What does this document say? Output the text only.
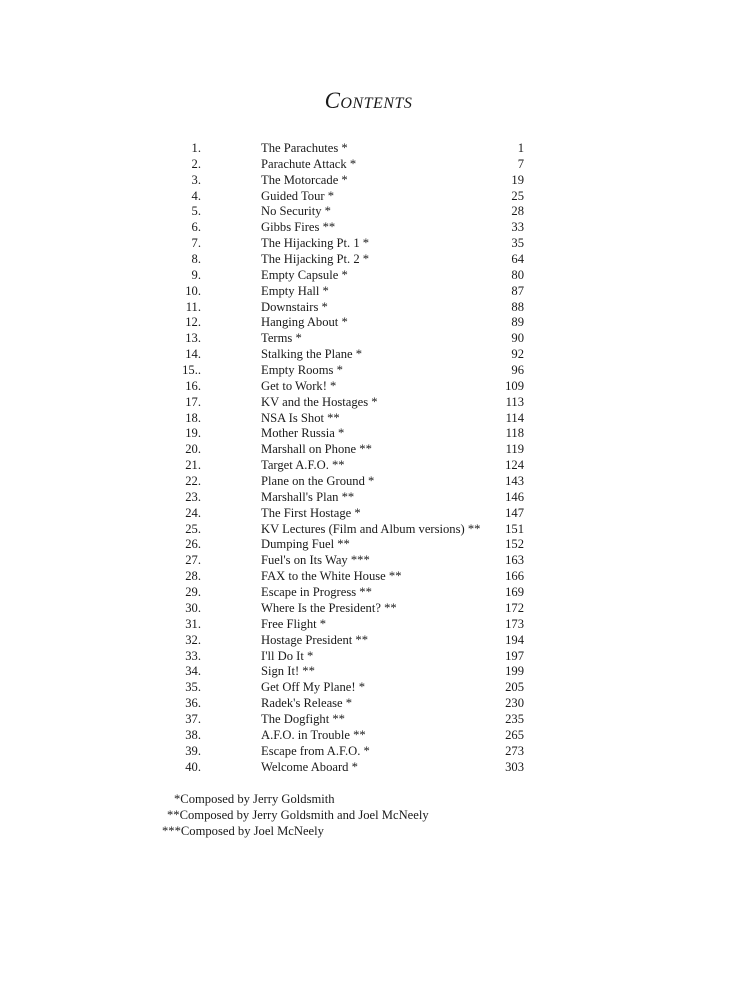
Contents
1.	The Parachutes *	1
2.	Parachute Attack *	7
3.	The Motorcade *	19
4.	Guided Tour *	25
5.	No Security *	28
6.	Gibbs Fires **	33
7.	The Hijacking Pt. 1 *	35
8.	The Hijacking Pt. 2 *	64
9.	Empty Capsule *	80
10.	Empty Hall *	87
11.	Downstairs *	88
12.	Hanging About *	89
13.	Terms *	90
14.	Stalking the Plane *	92
15..	Empty Rooms *	96
16.	Get to Work! *	109
17.	KV and the Hostages *	113
18.	NSA Is Shot **	114
19.	Mother Russia *	118
20.	Marshall on Phone **	119
21.	Target A.F.O. **	124
22.	Plane on the Ground *	143
23.	Marshall's Plan **	146
24.	The First Hostage *	147
25.	KV Lectures (Film and Album versions) **	151
26.	Dumping Fuel **	152
27.	Fuel's on Its Way ***	163
28.	FAX to the White House **	166
29.	Escape in Progress **	169
30.	Where Is the President? **	172
31.	Free Flight *	173
32.	Hostage President **	194
33.	I'll Do It *	197
34.	Sign It! **	199
35.	Get Off My Plane! *	205
36.	Radek's Release *	230
37.	The Dogfight **	235
38.	A.F.O. in Trouble **	265
39.	Escape from A.F.O. *	273
40.	Welcome Aboard *	303
*Composed by Jerry Goldsmith
**Composed by Jerry Goldsmith and Joel McNeely
***Composed by Joel McNeely
